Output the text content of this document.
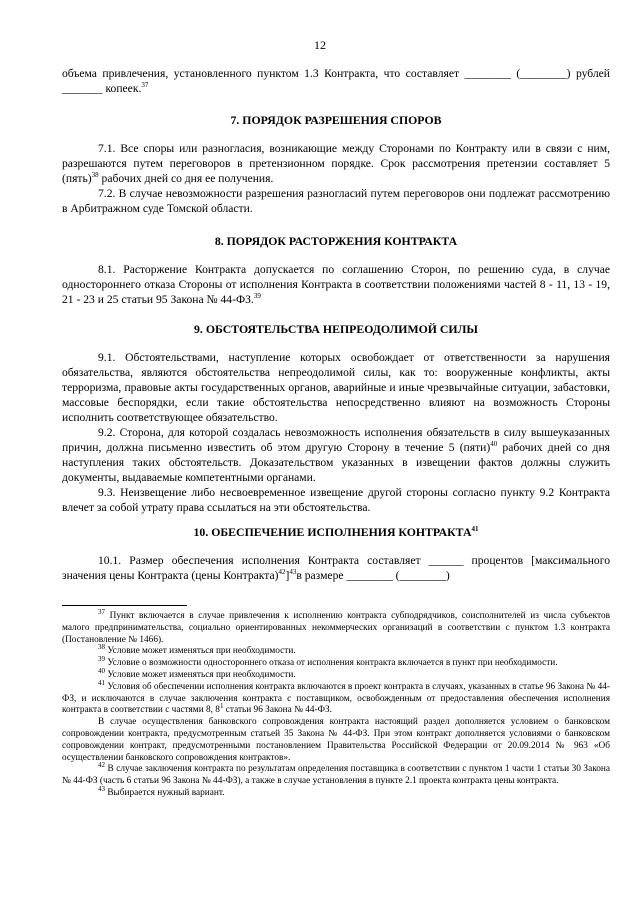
12

объема привлечения, установленного пунктом 1.3 Контракта, что составляет ________ (________) рублей _______ копеек.$^{37}$

7. ПОРЯДОК РАЗРЕШЕНИЯ СПОРОВ

7.1. Все споры или разногласия, возникающие между Сторонами по Контракту или в связи с ним, разрешаются путем переговоров в претензионном порядке. Срок рассмотрения претензии составляет 5 (пять)$^{38}$ рабочих дней со дня ее получения.

7.2. В случае невозможности разрешения разногласий путем переговоров они подлежат рассмотрению в Арбитражном суде Томской области.

8. ПОРЯДОК РАСТОРЖЕНИЯ КОНТРАКТА

8.1. Расторжение Контракта допускается по соглашению Сторон, по решению суда, в случае одностороннего отказа Стороны от исполнения Контракта в соответствии положениями частей 8 - 11, 13 - 19, 21 - 23 и 25 статьи 95 Закона № 44-ФЗ.$^{39}$

9. ОБСТОЯТЕЛЬСТВА НЕПРЕОДОЛИМОЙ СИЛЫ

9.1. Обстоятельствами, наступление которых освобождает от ответственности за нарушения обязательства, являются обстоятельства непреодолимой силы, как то: вооруженные конфликты, акты терроризма, правовые акты государственных органов, аварийные и иные чрезвычайные ситуации, забастовки, массовые беспорядки, если такие обстоятельства непосредственно влияют на возможность Стороны исполнить соответствующее обязательство.

9.2. Сторона, для которой создалась невозможность исполнения обязательств в силу вышеуказанных причин, должна письменно известить об этом другую Сторону в течение 5 (пяти)$^{40}$ рабочих дней со дня наступления таких обстоятельств. Доказательством указанных в извещении фактов должны служить документы, выдаваемые компетентными органами.

9.3. Неизвещение либо несвоевременное извещение другой стороны согласно пункту 9.2 Контракта влечет за собой утрату права ссылаться на эти обстоятельства.

10. ОБЕСПЕЧЕНИЕ ИСПОЛНЕНИЯ КОНТРАКТА$^{41}$

10.1. Размер обеспечения исполнения Контракта составляет ______ процентов [максимального значения цены Контракта (цены Контракта)$^{42}$]$^{43}$в размере ________ (________)

$^{37}$ Пункт включается в случае привлечения к исполнению контракта субподрядчиков, соисполнителей из числа субъектов малого предпринимательства, социально ориентированных некоммерческих организаций в соответствии с пунктом 1.3 контракта (Постановление № 1466).

$^{38}$ Условие может изменяться при необходимости.

$^{39}$ Условие о возможности одностороннего отказа от исполнения контракта включается в пункт при необходимости.

$^{40}$ Условие может изменяться при необходимости.

$^{41}$ Условия об обеспечении исполнения контракта включаются в проект контракта в случаях, указанных в статье 96 Закона № 44-ФЗ, и исключаются в случае заключения контракта с поставщиком, освобожденным от предоставления обеспечения исполнения контракта в соответствии с частями 8, $8^1$ статьи 96 Закона № 44-ФЗ.

В случае осуществления банковского сопровождения контракта настоящий раздел дополняется условием о банковском сопровождении контракта, предусмотренным статьей 35 Закона № 44-ФЗ. При этом контракт дополняется условиями о банковском сопровождении контракт, предусмотренными постановлением Правительства Российской Федерации от 20.09.2014 № 963 «Об осуществлении банковского сопровождения контрактов».

$^{42}$ В случае заключения контракта по результатам определения поставщика в соответствии с пунктом 1 части 1 статьи 30 Закона № 44-ФЗ (часть 6 статьи 96 Закона № 44-ФЗ), а также в случае установления в пункте 2.1 проекта контракта цены контракта.

$^{43}$ Выбирается нужный вариант.
